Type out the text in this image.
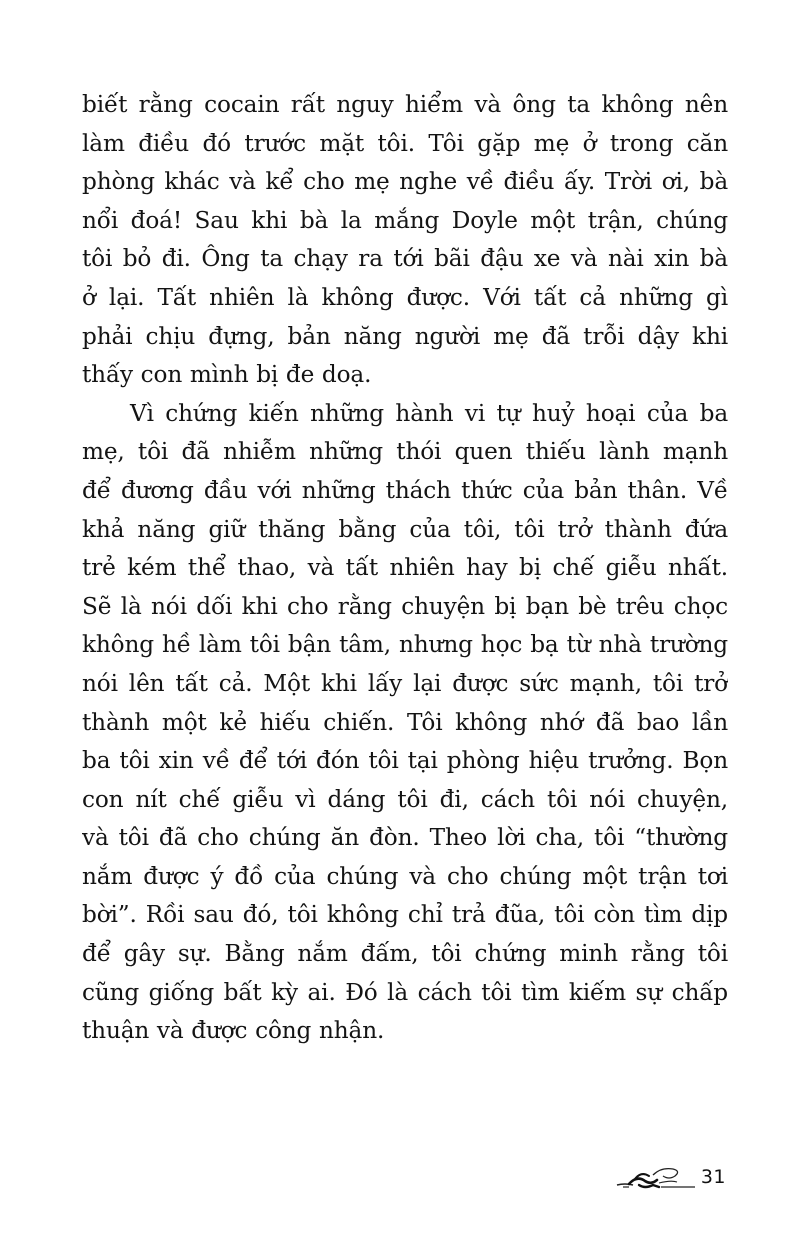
biết rằng cocain rất nguy hiểm và ông ta không nên
làm điều đó trước mặt tôi. Tôi gặp mẹ ở trong căn
phòng khác và kể cho mẹ nghe về điều ấy. Trời ơi, bà
nổi đoá! Sau khi bà la mắng Doyle một trận, chúng
tôi bỏ đi. Ông ta chạy ra tới bãi đậu xe và nài xin bà
ở lại. Tất nhiên là không được. Với tất cả những gì
phải chịu đựng, bản năng người mẹ đã trỗi dậy khi
thấy con mình bị đe doạ.
Vì chứng kiến những hành vi tự huỷ hoại của ba
mẹ, tôi đã nhiễm những thói quen thiếu lành mạnh
để đương đầu với những thách thức của bản thân. Về
khả năng giữ thăng bằng của tôi, tôi trở thành đứa
trẻ kém thể thao, và tất nhiên hay bị chế giễu nhất.
Sẽ là nói dối khi cho rằng chuyện bị bạn bè trêu chọc
không hề làm tôi bận tâm, nhưng học bạ từ nhà trường
nói lên tất cả. Một khi lấy lại được sức mạnh, tôi trở
thành một kẻ hiếu chiến. Tôi không nhớ đã bao lần
ba tôi xin về để tới đón tôi tại phòng hiệu trưởng. Bọn
con nít chế giễu vì dáng tôi đi, cách tôi nói chuyện,
và tôi đã cho chúng ăn đòn. Theo lời cha, tôi “thường
nắm được ý đồ của chúng và cho chúng một trận tơi
bời”. Rồi sau đó, tôi không chỉ trả đũa, tôi còn tìm dịp
để gây sự. Bằng nắm đấm, tôi chứng minh rằng tôi
cũng giống bất kỳ ai. Đó là cách tôi tìm kiếm sự chấp
thuận và được công nhận.
31
